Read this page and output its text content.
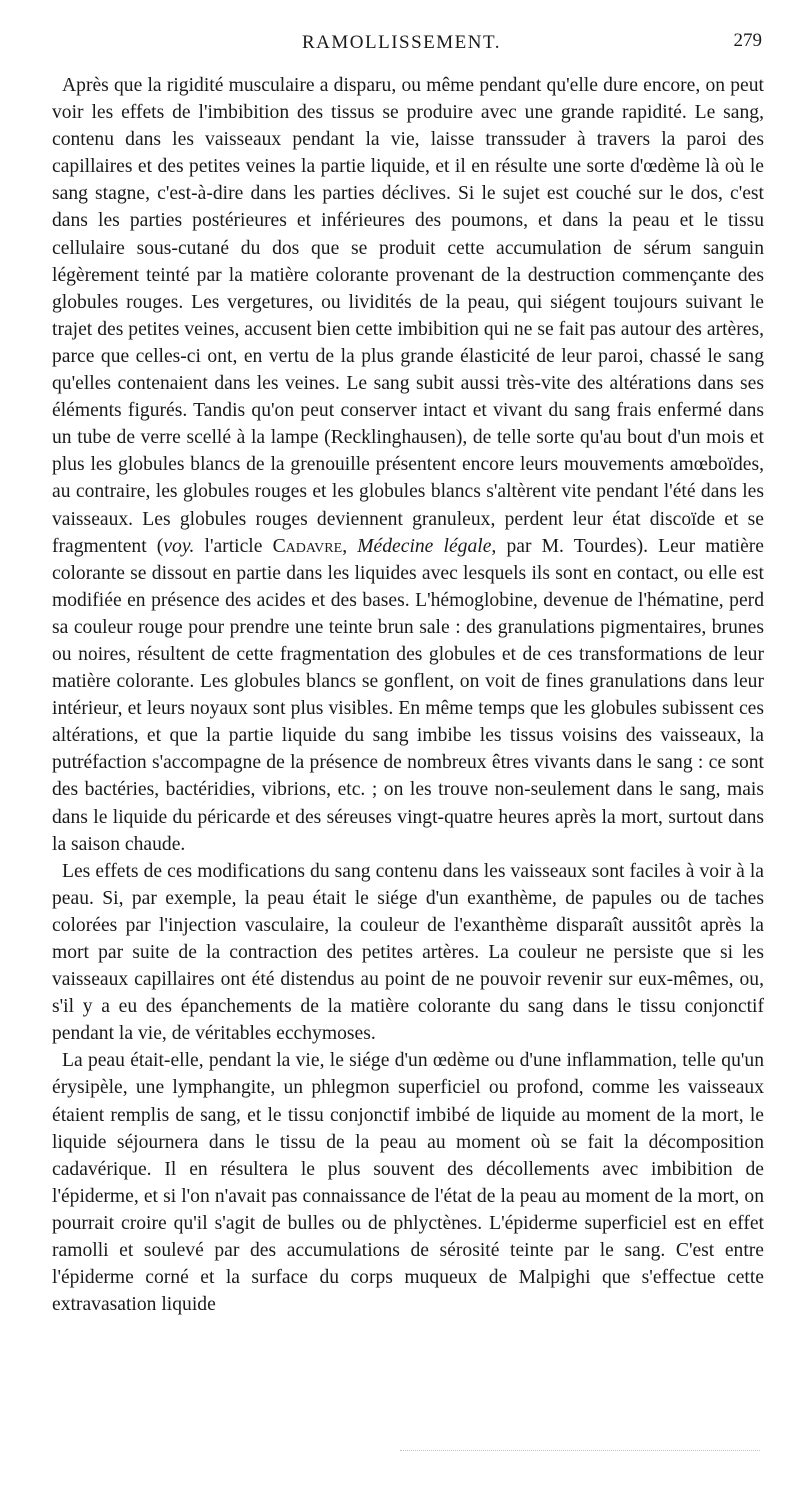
RAMOLLISSEMENT.	279

Après que la rigidité musculaire a disparu, ou même pendant qu'elle dure encore, on peut voir les effets de l'imbibition des tissus se produire avec une grande rapidité. Le sang, contenu dans les vaisseaux pendant la vie, laisse transsuder à travers la paroi des capillaires et des petites veines la partie liquide, et il en résulte une sorte d'œdème là où le sang stagne, c'est-à-dire dans les parties déclives. Si le sujet est couché sur le dos, c'est dans les parties postérieures et inférieures des poumons, et dans la peau et le tissu cellulaire sous-cutané du dos que se produit cette accumulation de sérum sanguin légèrement teinté par la matière colorante provenant de la destruction commençante des globules rouges. Les vergetures, ou lividités de la peau, qui siégent toujours suivant le trajet des petites veines, accusent bien cette imbibition qui ne se fait pas autour des artères, parce que celles-ci ont, en vertu de la plus grande élasticité de leur paroi, chassé le sang qu'elles contenaient dans les veines. Le sang subit aussi très-vite des altérations dans ses éléments figurés. Tandis qu'on peut conserver intact et vivant du sang frais enfermé dans un tube de verre scellé à la lampe (Recklinghausen), de telle sorte qu'au bout d'un mois et plus les globules blancs de la grenouille présentent encore leurs mouvements amœboïdes, au contraire, les globules rouges et les globules blancs s'altèrent vite pendant l'été dans les vaisseaux. Les globules rouges deviennent granuleux, perdent leur état discoïde et se fragmentent (voy. l'article Cadavre, Médecine légale, par M. Tourdes). Leur matière colorante se dissout en partie dans les liquides avec lesquels ils sont en contact, ou elle est modifiée en présence des acides et des bases. L'hémoglobine, devenue de l'hématine, perd sa couleur rouge pour prendre une teinte brun sale : des granulations pigmentaires, brunes ou noires, résultent de cette fragmentation des globules et de ces transformations de leur matière colorante. Les globules blancs se gonflent, on voit de fines granulations dans leur intérieur, et leurs noyaux sont plus visibles. En même temps que les globules subissent ces altérations, et que la partie liquide du sang imbibe les tissus voisins des vaisseaux, la putréfaction s'accompagne de la présence de nombreux êtres vivants dans le sang : ce sont des bactéries, bactéridies, vibrions, etc. ; on les trouve non-seulement dans le sang, mais dans le liquide du péricarde et des séreuses vingt-quatre heures après la mort, surtout dans la saison chaude.

Les effets de ces modifications du sang contenu dans les vaisseaux sont faciles à voir à la peau. Si, par exemple, la peau était le siége d'un exanthème, de papules ou de taches colorées par l'injection vasculaire, la couleur de l'exanthème disparaît aussitôt après la mort par suite de la contraction des petites artères. La couleur ne persiste que si les vaisseaux capillaires ont été distendus au point de ne pouvoir revenir sur eux-mêmes, ou, s'il y a eu des épanchements de la matière colorante du sang dans le tissu conjonctif pendant la vie, de véritables ecchymoses.

La peau était-elle, pendant la vie, le siége d'un œdème ou d'une inflammation, telle qu'un érysipèle, une lymphangite, un phlegmon superficiel ou profond, comme les vaisseaux étaient remplis de sang, et le tissu conjonctif imbibé de liquide au moment de la mort, le liquide séjournera dans le tissu de la peau au moment où se fait la décomposition cadavérique. Il en résultera le plus souvent des décollements avec imbibition de l'épiderme, et si l'on n'avait pas connaissance de l'état de la peau au moment de la mort, on pourrait croire qu'il s'agit de bulles ou de phlyctènes. L'épiderme superficiel est en effet ramolli et soulevé par des accumulations de sérosité teinte par le sang. C'est entre l'épiderme corné et la surface du corps muqueux de Malpighi que s'effectue cette extravasation liquide
